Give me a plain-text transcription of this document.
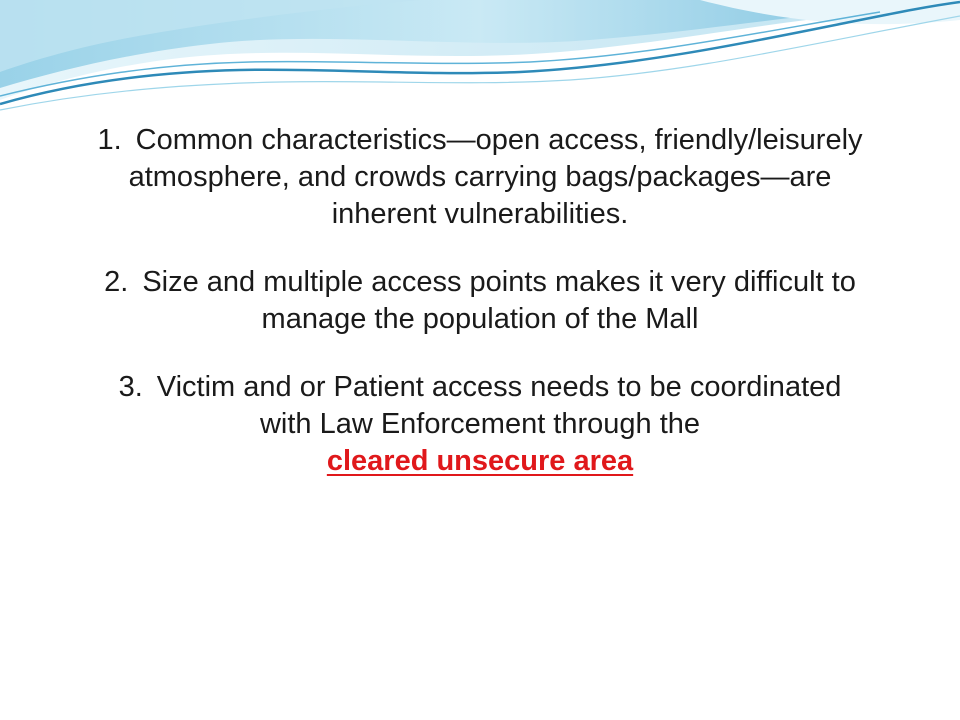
1. Common characteristics—open access, friendly/leisurely atmosphere, and crowds carrying bags/packages—are inherent vulnerabilities.
2. Size and multiple access points makes it very difficult to manage the population of the Mall
3. Victim and or Patient access needs to be coordinated with Law Enforcement through the
cleared unsecure area
